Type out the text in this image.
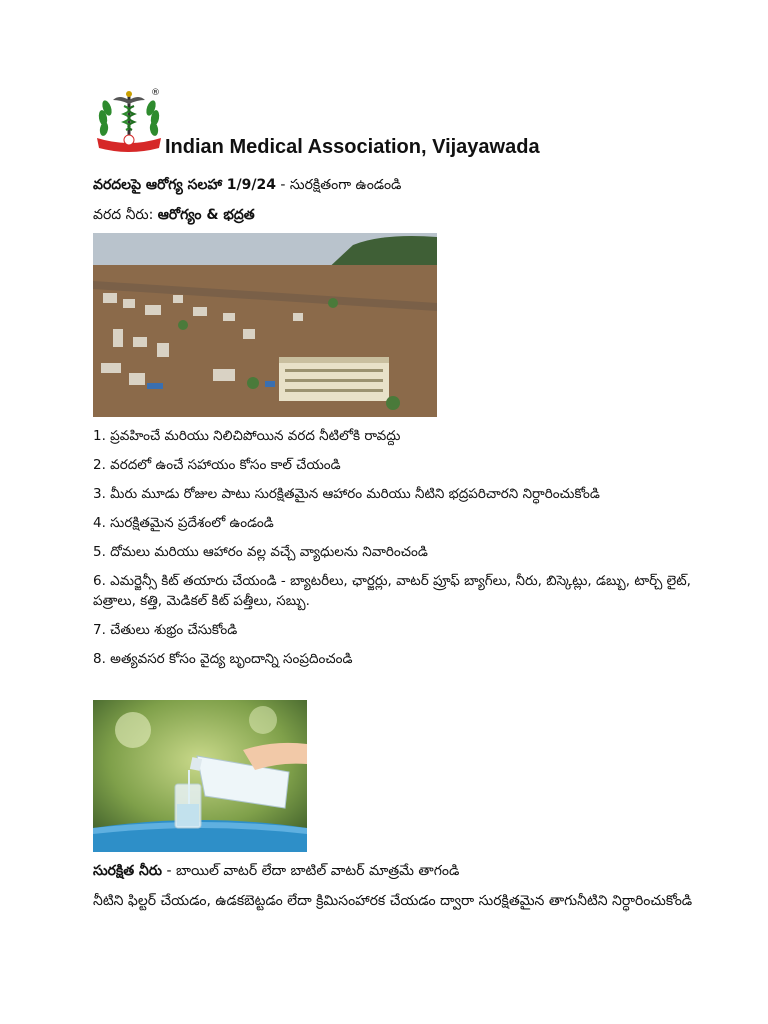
®
Indian Medical Association, Vijayawada
వరదలపై ఆరోగ్య సలహా 1/9/24 - సురక్షితంగా ఉండండి
వరద నీరు: ఆరోగ్యం & భద్రత
1. ప్రవహించే మరియు నిలిచిపోయిన వరద నీటిలోకి రావద్దు
2. వరదలో ఉంచే సహాయం కోసం కాల్ చేయండి
3. మీరు మూడు రోజుల పాటు సురక్షితమైన ఆహారం మరియు నీటిని భద్రపరిచారని నిర్ధారించుకోండి
4. సురక్షితమైన ప్రదేశంలో ఉండండి
5. దోమలు మరియు ఆహారం వల్ల వచ్చే వ్యాధులను నివారించండి
6. ఎమర్జెన్సీ కిట్ తయారు చేయండి - బ్యాటరీలు, ఛార్జర్లు, వాటర్ ప్రూఫ్ బ్యాగ్‌లు, నీరు, బిస్కెట్లు, డబ్బు, టార్చ్ లైట్, పత్రాలు, కత్తి, మెడికల్ కిట్ పత్తీలు, సబ్బు.
7. చేతులు శుభ్రం చేసుకోండి
8. అత్యవసర కోసం వైద్య బృందాన్ని సంప్రదించండి
సురక్షిత నీరు - బాయిల్ వాటర్ లేదా బాటిల్ వాటర్ మాత్రమే తాగండి
నీటిని ఫిల్టర్ చేయడం, ఉడకబెట్టడం లేదా క్రిమిసంహారక చేయడం ద్వారా సురక్షితమైన తాగునీటిని నిర్ధారించుకోండి
